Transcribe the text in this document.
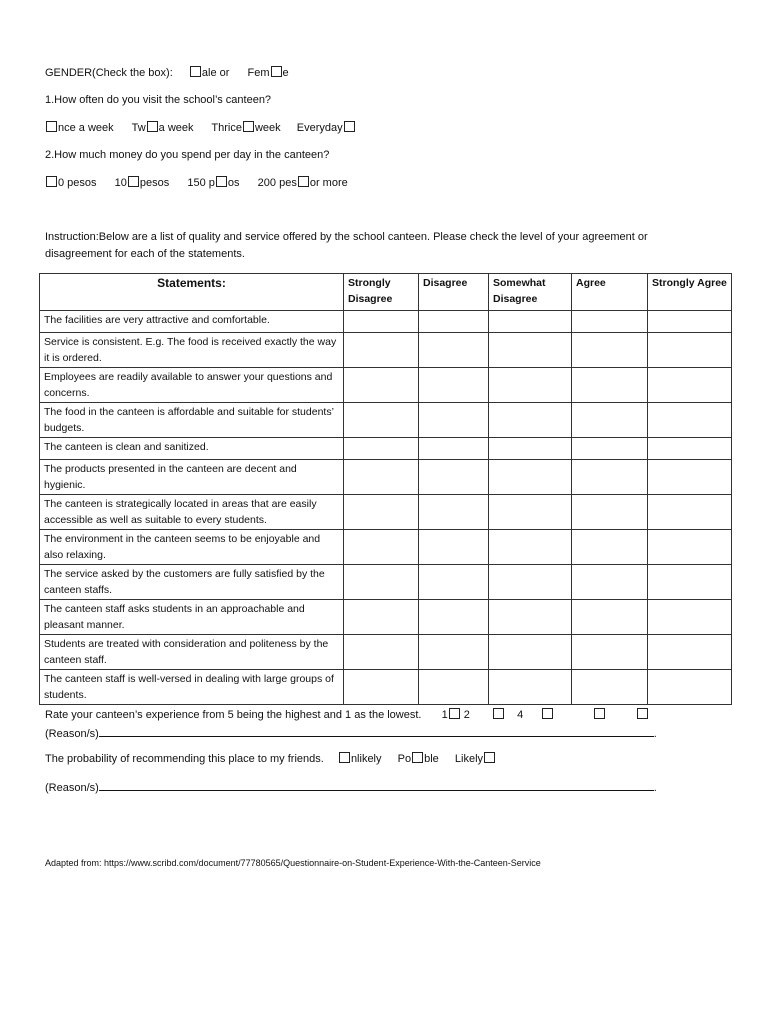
GENDER(Check the box):	ale or Fem e
1.How often do you visit the school’s canteen?
nce a week Tw a week Thrice week Everyday
2.How much money do you spend per day in the canteen?
0 pesos 10 pesos 150 p os 200 pes or more
Instruction:Below are a list of quality and service offered by the school canteen. Please check the level of your agreement or
disagreement for each of the statements.
Statements:	Strongly Disagree	Disagree	Somewhat Disagree	Agree	Strongly Agree
The facilities are very attractive and comfortable.					
Service is consistent. E.g. The food is received exactly the way it is ordered.					
Employees are readily available to answer your questions and concerns.					
The food in the canteen is affordable and suitable for students’ budgets.					
The canteen is clean and sanitized.					
The products presented in the canteen are decent and hygienic.					
The canteen is strategically located in areas that are easily accessible as well as suitable to every students.					
The environment in the canteen seems to be enjoyable and also relaxing.					
The service asked by the customers are fully satisfied by the canteen staffs.					
The canteen staff asks students in an approachable and pleasant manner.					
Students are treated with consideration and politeness by the canteen staff.					
The canteen staff is well-versed in dealing with large groups of students.					
Rate your canteen’s experience from 5 being the highest and 1 as the lowest. 1 2	4
(Reason/s)	.
The probability of recommending this place to my friends. nlikely Po ble Likely
(Reason/s)	.
Adapted from: https://www.scribd.com/document/77780565/Questionnaire-on-Student-Experience-With-the-Canteen-Service
